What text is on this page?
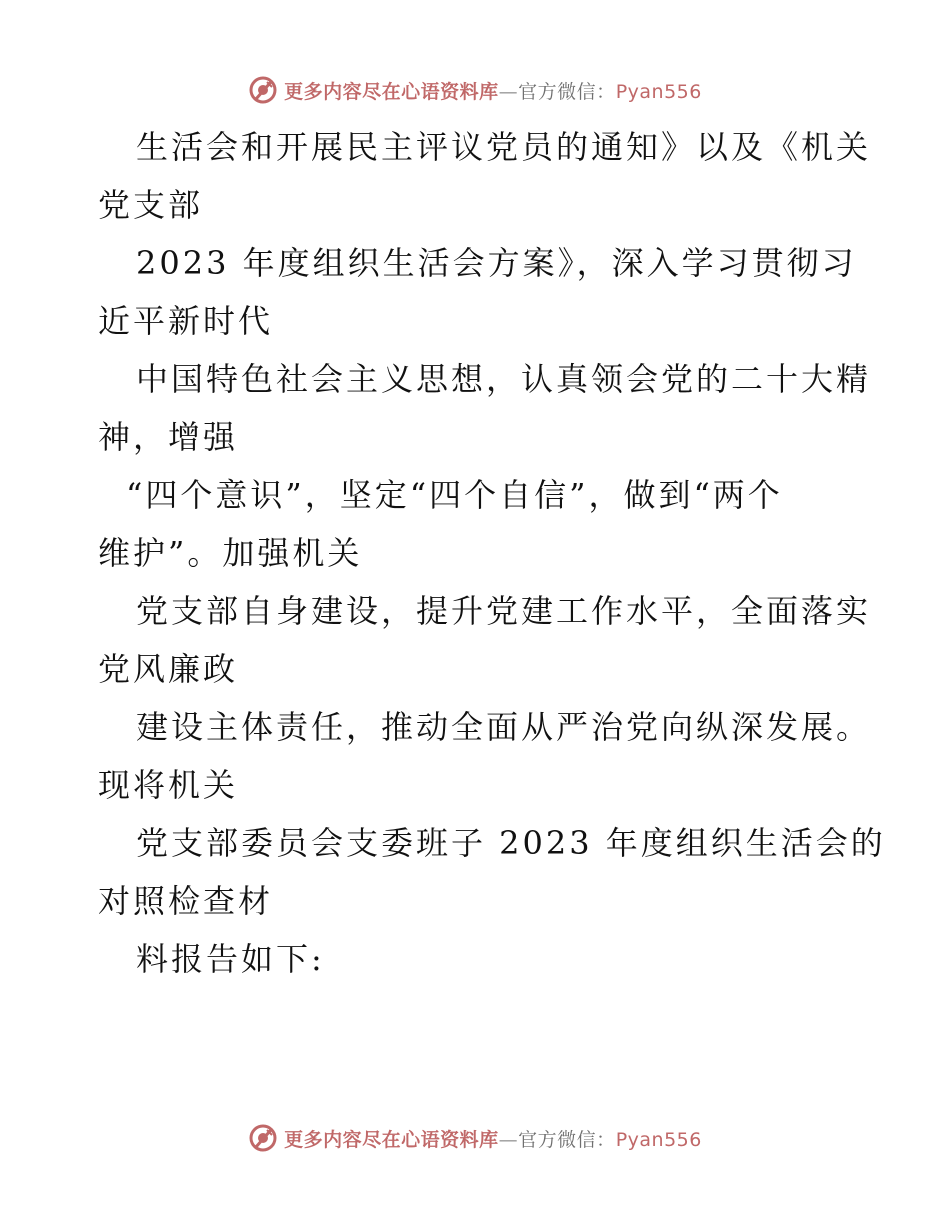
更多内容尽在心语资料库—官方微信：Pyan556
生活会和开展民主评议党员的通知》以及《机关
党支部
2023 年度组织生活会方案》，深入学习贯彻习
近平新时代
中国特色社会主义思想，认真领会党的二十大精
神，增强
“四个意识”，坚定“四个自信”，做到“两个
维护”。加强机关
党支部自身建设，提升党建工作水平，全面落实
党风廉政
建设主体责任，推动全面从严治党向纵深发展。
现将机关
党支部委员会支委班子 2023 年度组织生活会的
对照检查材
料报告如下:
更多内容尽在心语资料库—官方微信：Pyan556
